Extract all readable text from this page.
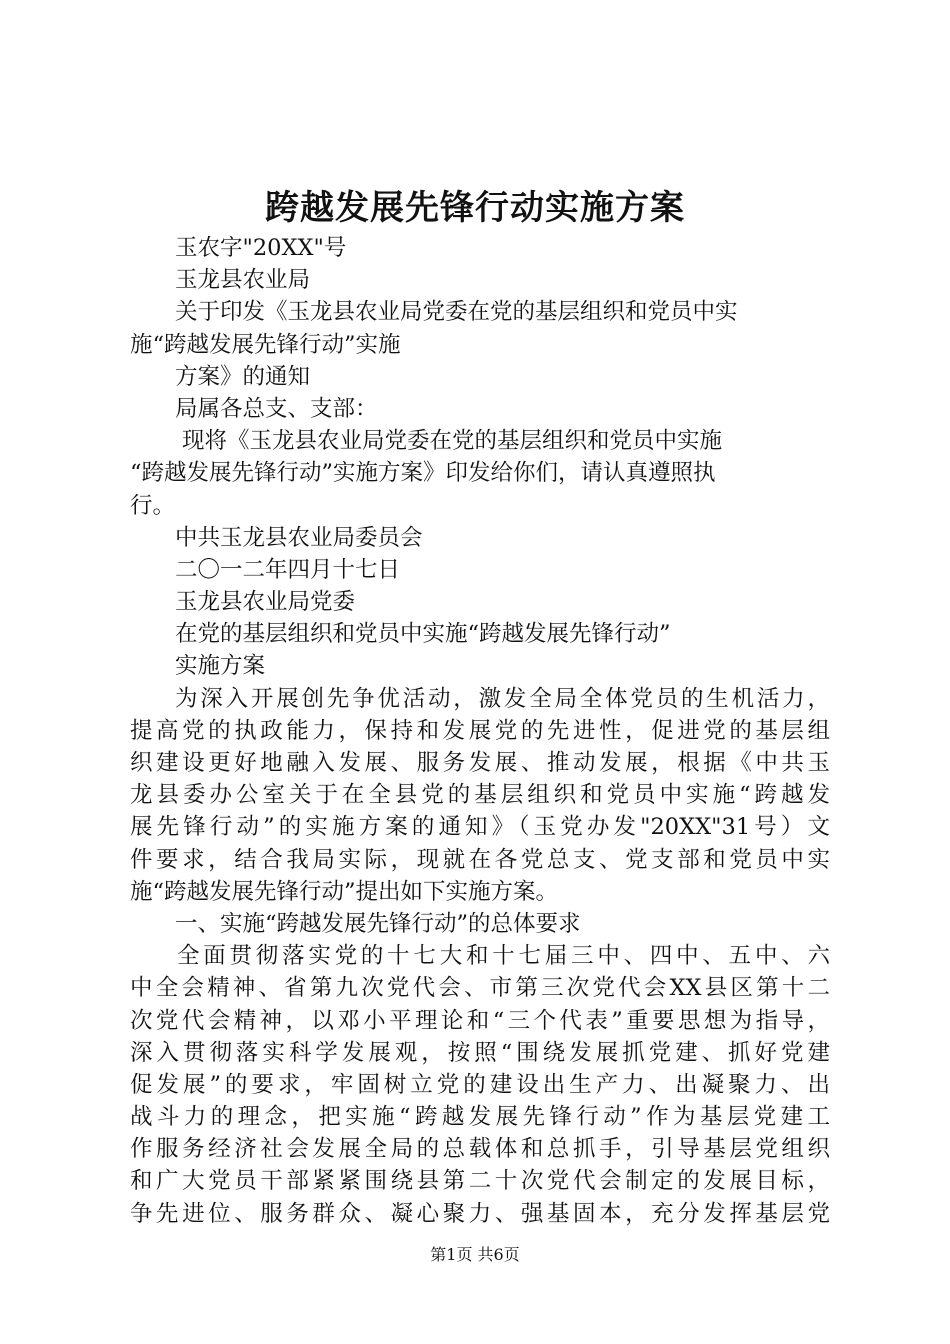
跨越发展先锋行动实施方案
玉农字"20XX"号
玉龙县农业局
关于印发《玉龙县农业局党委在党的基层组织和党员中实
施“跨越发展先锋行动”实施
方案》的通知
局属各总支、支部：
现将《玉龙县农业局党委在党的基层组织和党员中实施
“跨越发展先锋行动”实施方案》印发给你们，请认真遵照执
行。
中共玉龙县农业局委员会
二〇一二年四月十七日
玉龙县农业局党委
在党的基层组织和党员中实施“跨越发展先锋行动”
实施方案
为深入开展创先争优活动，激发全局全体党员的生机活力，
提高党的执政能力，保持和发展党的先进性，促进党的基层组
织建设更好地融入发展、服务发展、推动发展，根据《中共玉
龙县委办公室关于在全县党的基层组织和党员中实施“跨越发
展先锋行动”的实施方案的通知》（玉党办发"20XX"31号）文
件要求，结合我局实际，现就在各党总支、党支部和党员中实
施“跨越发展先锋行动”提出如下实施方案。
一、实施“跨越发展先锋行动”的总体要求
全面贯彻落实党的十七大和十七届三中、四中、五中、六
中全会精神、省第九次党代会、市第三次党代会XX县区第十二
次党代会精神，以邓小平理论和“三个代表”重要思想为指导，
深入贯彻落实科学发展观，按照“围绕发展抓党建、抓好党建
促发展”的要求，牢固树立党的建设出生产力、出凝聚力、出
战斗力的理念，把实施“跨越发展先锋行动”作为基层党建工
作服务经济社会发展全局的总载体和总抓手，引导基层党组织
和广大党员干部紧紧围绕县第二十次党代会制定的发展目标，
争先进位、服务群众、凝心聚力、强基固本，充分发挥基层党
第1页 共6页
